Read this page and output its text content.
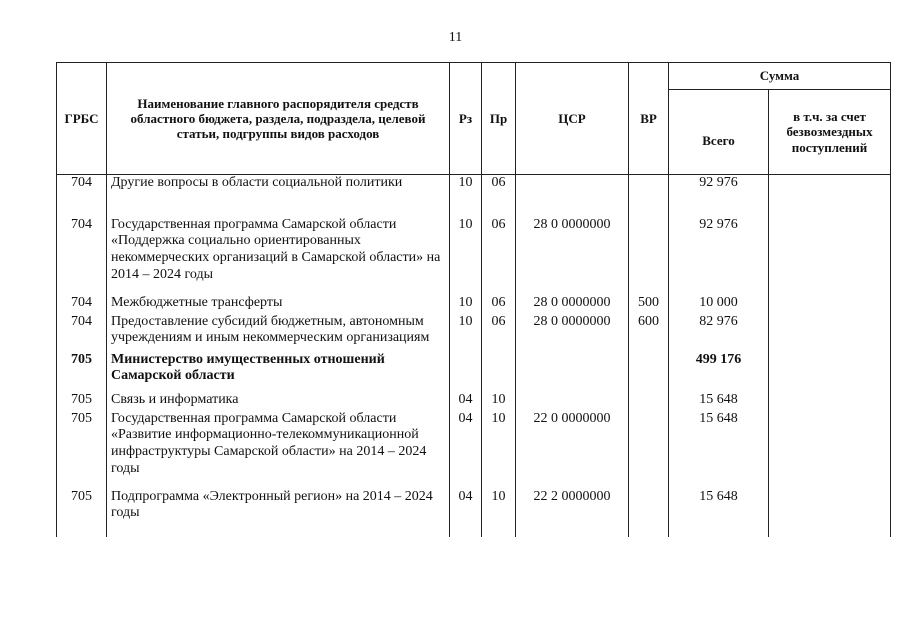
11
ГРБС	Наименование главного распорядителя средств областного бюджета, раздела, подраздела, целевой статьи, подгруппы видов расходов	Рз	Пр	ЦСР	ВР	Сумма	
						Всего	в т.ч. за счет безвозмездных поступлений
704	Другие вопросы в области социальной политики	10	06			92 976	
704	Государственная программа Самарской области «Поддержка социально ориентированных некоммерческих организаций в Самарской области» на 2014 – 2024 годы	10	06	28 0 0000000		92 976	
704	Межбюджетные трансферты	10	06	28 0 0000000	500	10 000	
704	Предоставление субсидий бюджетным, автономным учреждениям и иным некоммерческим организациям	10	06	28 0 0000000	600	82 976	
705	Министерство имущественных отношений Самарской области					499 176	
705	Связь и информатика	04	10			15 648	
705	Государственная программа Самарской области «Развитие информационно-телекоммуникационной инфраструктуры Самарской области» на 2014 – 2024 годы	04	10	22 0 0000000		15 648	
705	Подпрограмма «Электронный регион» на 2014 – 2024 годы	04	10	22 2 0000000		15 648	
